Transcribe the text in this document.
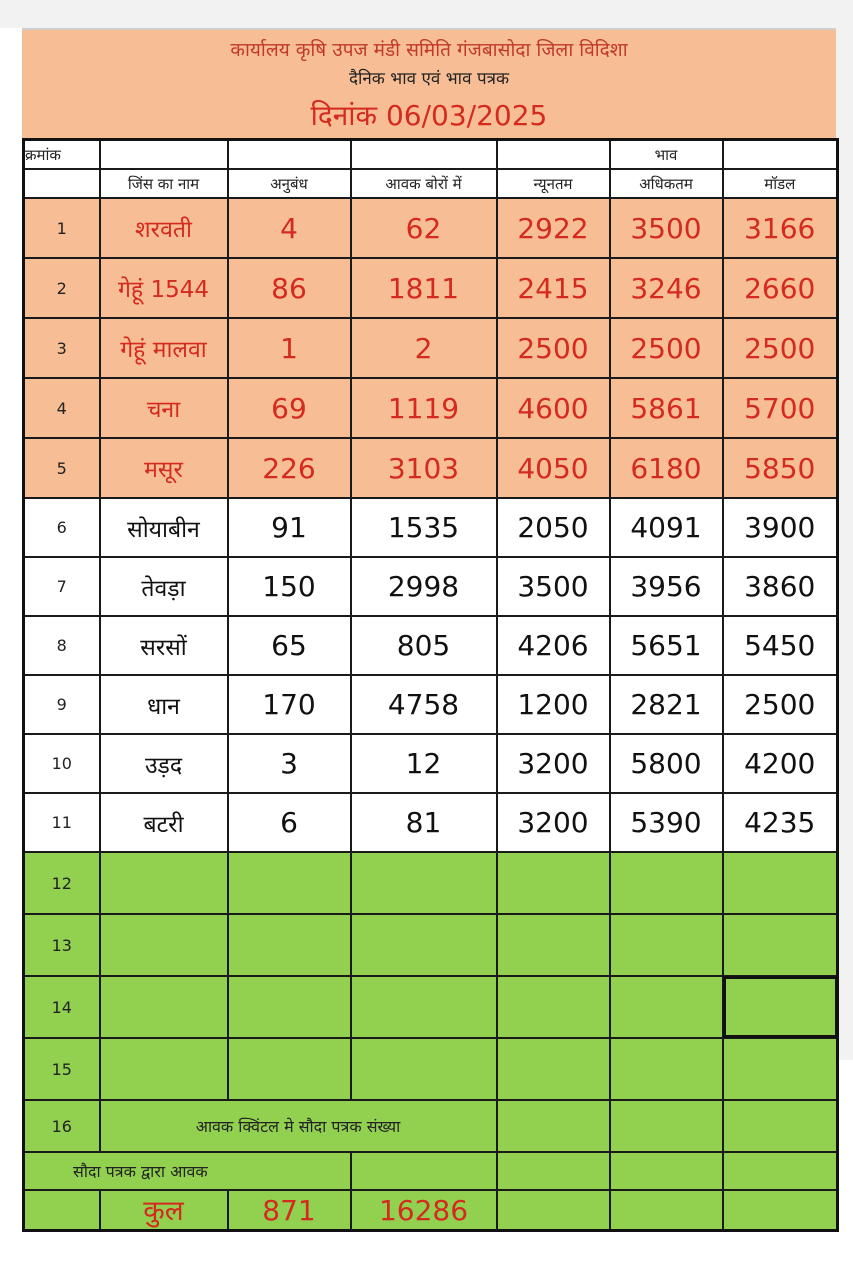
कार्यालय कृषि उपज मंडी समिति गंजबासोदा जिला विदिशा
दैनिक भाव एवं भाव पत्रक
दिनांक 06/03/2025
क्रमांक					भाव	
	जिंस का नाम	अनुबंध	आवक बोरों में	न्यूनतम	अधिकतम	मॉडल
1	शरवती	4	62	2922	3500	3166
2	गेहूं 1544	86	1811	2415	3246	2660
3	गेहूं मालवा	1	2	2500	2500	2500
4	चना	69	1119	4600	5861	5700
5	मसूर	226	3103	4050	6180	5850
6	सोयाबीन	91	1535	2050	4091	3900
7	तेवड़ा	150	2998	3500	3956	3860
8	सरसों	65	805	4206	5651	5450
9	धान	170	4758	1200	2821	2500
10	उड़द	3	12	3200	5800	4200
11	बटरी	6	81	3200	5390	4235
12						
13						
14						
15						
16	आवक क्विंटल मे सौदा पत्रक संख्या					
सौदा पत्रक द्वारा आवक						
	कुल	871	16286			
